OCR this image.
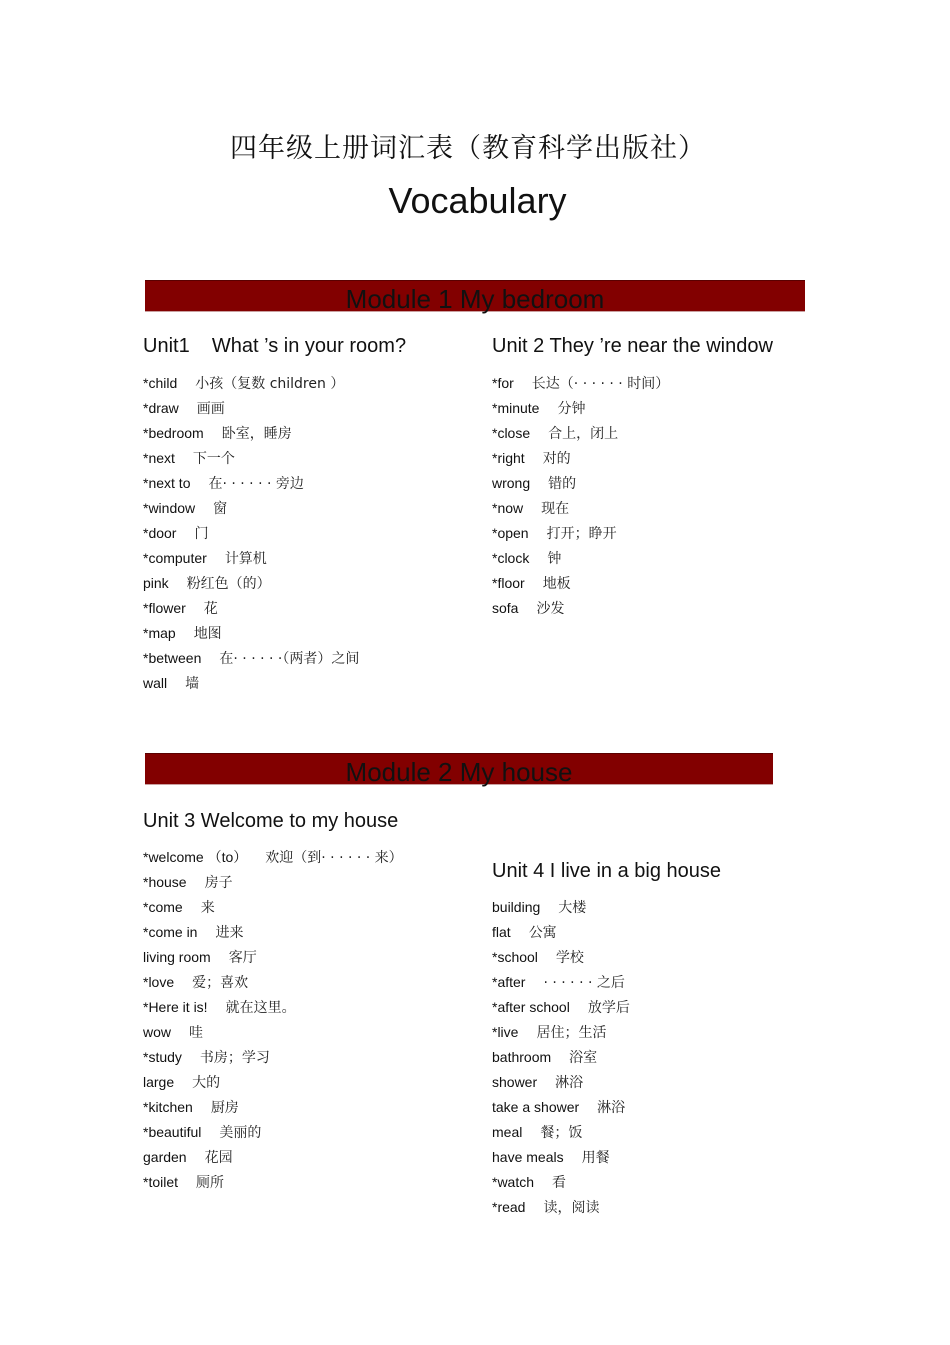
四年级上册词汇表（教育科学出版社）
Vocabulary
Module 1 My bedroom
Unit1    What ’s in your room?
*child 小孩（复数 children ）
*draw 画画
*bedroom 卧室，睡房
*next 下一个
*next to 在· · · · · · 旁边
*window 窗
*door 门
*computer 计算机
pink 粉红色（的）
*flower 花
*map 地图
*between 在· · · · · ·（两者）之间
wall 墙
Unit 2 They ’re near the window
*for 长达（· · · · · · 时间）
*minute 分钟
*close 合上，闭上
*right 对的
wrong 错的
*now 现在
*open 打开；睁开
*clock 钟
*floor 地板
sofa 沙发
Module 2 My house
Unit 3 Welcome to my house
*welcome （to） 欢迎（到· · · · · · 来）
*house 房子
*come 来
*come in 进来
living room 客厅
*love 爱；喜欢
*Here it is! 就在这里。
wow 哇
*study 书房；学习
large 大的
*kitchen 厨房
*beautiful 美丽的
garden 花园
*toilet 厕所
Unit 4 I live in a big house
building 大楼
flat 公寓
*school 学校
*after · · · · · · 之后
*after school 放学后
*live 居住；生活
bathroom 浴室
shower 淋浴
take a shower 淋浴
meal 餐；饭
have meals 用餐
*watch 看
*read 读，阅读
